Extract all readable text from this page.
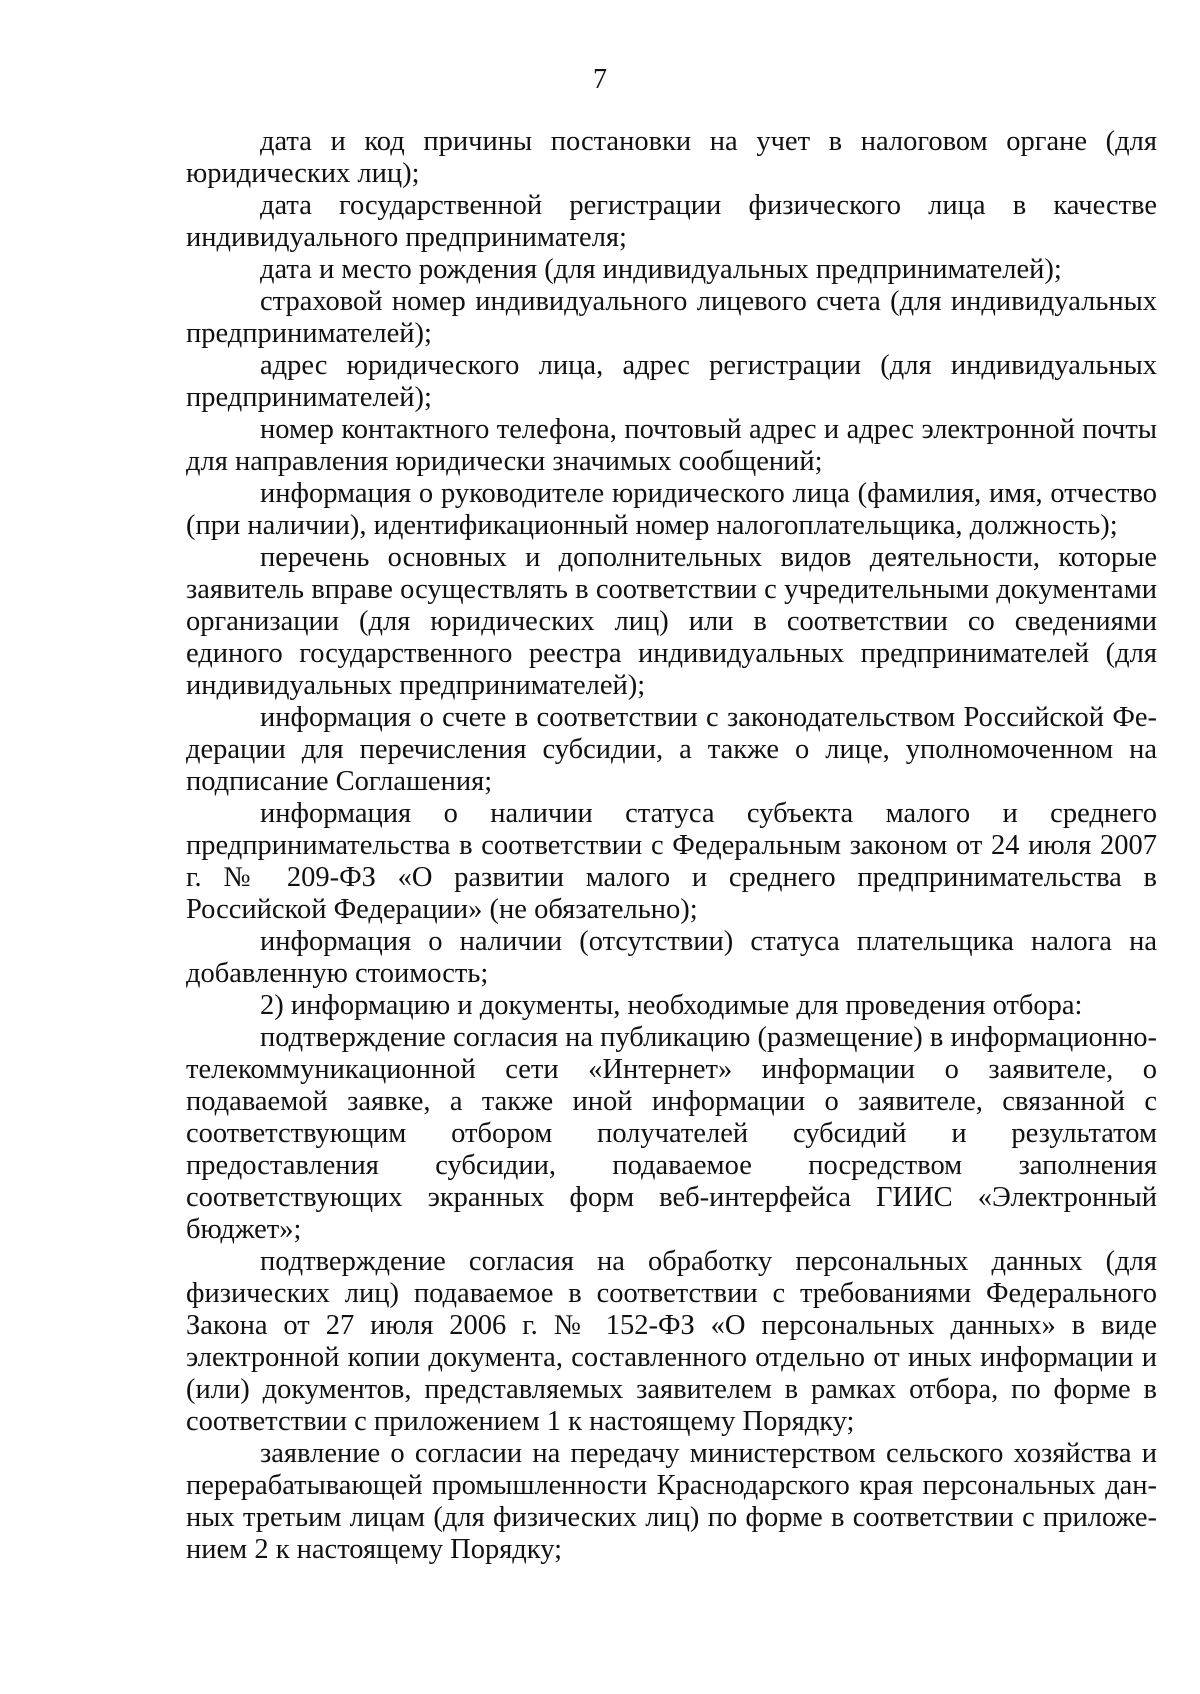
7

дата и код причины постановки на учет в налоговом органе (для юридических лиц);

дата государственной регистрации физического лица в качестве индивидуального предпринимателя;

дата и место рождения (для индивидуальных предпринимателей);

страховой номер индивидуального лицевого счета (для индивидуальных предпринимателей);

адрес юридического лица, адрес регистрации (для индивидуальных предпринимателей);

номер контактного телефона, почтовый адрес и адрес электронной почты для направления юридически значимых сообщений;

информация о руководителе юридического лица (фамилия, имя, отчество (при наличии), идентификационный номер налогоплательщика, должность);

перечень основных и дополнительных видов деятельности, которые заявитель вправе осуществлять в соответствии с учредительными документами организации (для юридических лиц) или в соответствии со сведениями единого государственного реестра индивидуальных предпринимателей (для индивидуальных предпринимателей);

информация о счете в соответствии с законодательством Российской Федерации для перечисления субсидии, а также о лице, уполномоченном на подписание Соглашения;

информация о наличии статуса субъекта малого и среднего предпринимательства в соответствии с Федеральным законом от 24 июля 2007 г. № 209-ФЗ «О развитии малого и среднего предпринимательства в Российской Федерации» (не обязательно);

информация о наличии (отсутствии) статуса плательщика налога на добавленную стоимость;

2) информацию и документы, необходимые для проведения отбора:

подтверждение согласия на публикацию (размещение) в информационно-телекоммуникационной сети «Интернет» информации о заявителе, о подаваемой заявке, а также иной информации о заявителе, связанной с соответствующим отбором получателей субсидий и результатом предоставления субсидии, подаваемое посредством заполнения соответствующих экранных форм веб-интерфейса ГИИС «Электронный бюджет»;

подтверждение согласия на обработку персональных данных (для физических лиц) подаваемое в соответствии с требованиями Федерального Закона от 27 июля 2006 г. № 152-ФЗ «О персональных данных» в виде электронной копии документа, составленного отдельно от иных информации и (или) документов, представляемых заявителем в рамках отбора, по форме в соответствии с приложением 1 к настоящему Порядку;

заявление о согласии на передачу министерством сельского хозяйства и перерабатывающей промышленности Краснодарского края персональных данных третьим лицам (для физических лиц) по форме в соответствии с приложением 2 к настоящему Порядку;
